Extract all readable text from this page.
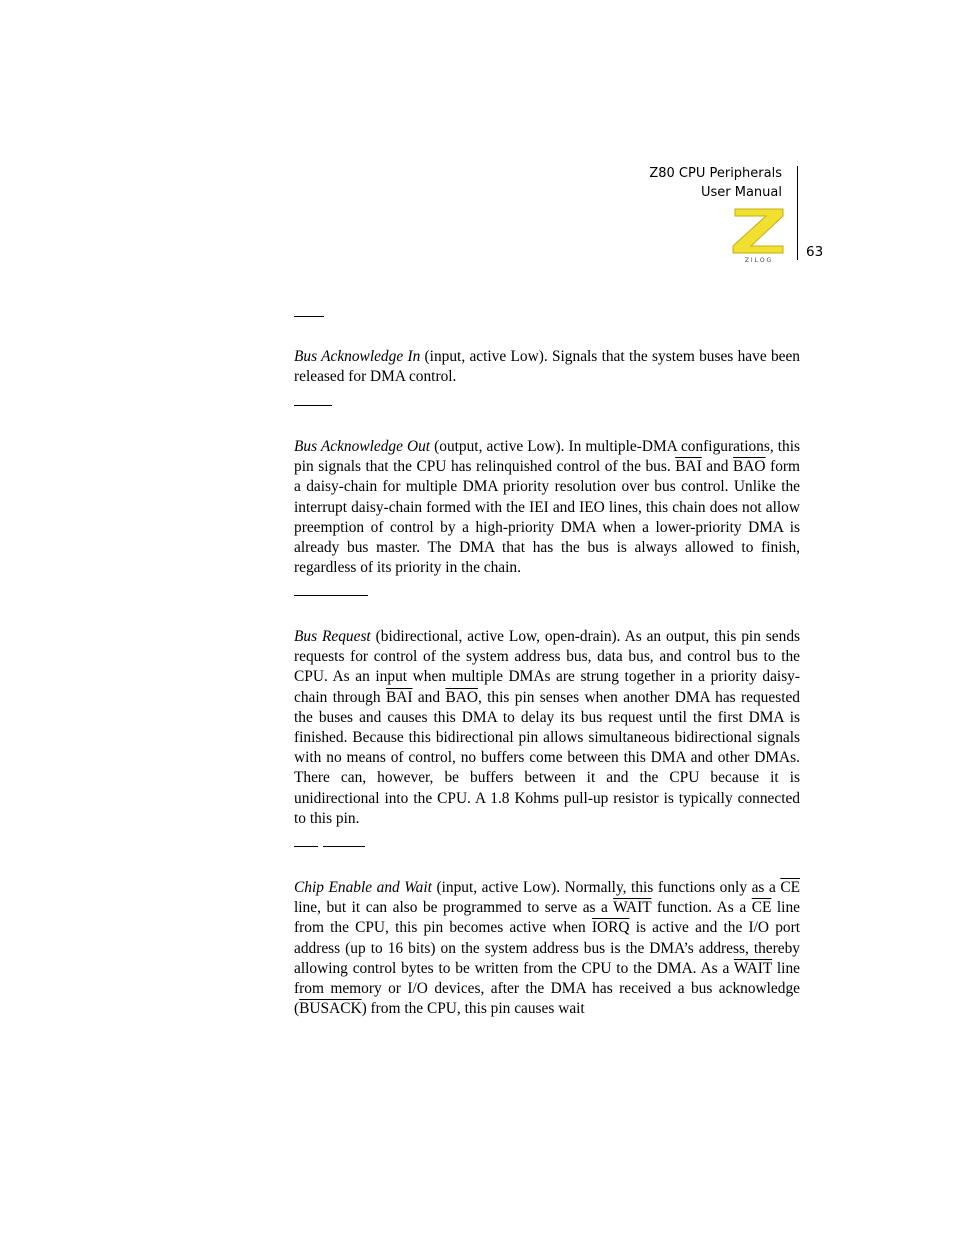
Z80 CPU Peripherals
User Manual
Z I L O G
63

Bus Acknowledge In (input, active Low). Signals that the system buses have been released for DMA control.

Bus Acknowledge Out (output, active Low). In multiple-DMA configurations, this pin signals that the CPU has relinquished control of the bus. $\overline{BAI}$ and $\overline{BAO}$ form a daisy-chain for multiple DMA priority resolution over bus control. Unlike the interrupt daisy-chain formed with the IEI and IEO lines, this chain does not allow preemption of control by a high-priority DMA when a lower-priority DMA is already bus master. The DMA that has the bus is always allowed to finish, regardless of its priority in the chain.

Bus Request (bidirectional, active Low, open-drain). As an output, this pin sends requests for control of the system address bus, data bus, and control bus to the CPU. As an input when multiple DMAs are strung together in a priority daisy-chain through $\overline{BAI}$ and $\overline{BAO}$, this pin senses when another DMA has requested the buses and causes this DMA to delay its bus request until the first DMA is finished. Because this bidirectional pin allows simultaneous bidirectional signals with no means of control, no buffers come between this DMA and other DMAs. There can, however, be buffers between it and the CPU because it is unidirectional into the CPU. A 1.8 Kohms pull-up resistor is typically connected to this pin.

Chip Enable and Wait (input, active Low). Normally, this functions only as a $\overline{CE}$ line, but it can also be programmed to serve as a WAIT function. As a $\overline{CE}$ line from the CPU, this pin becomes active when IORQ is active and the I/O port address (up to 16 bits) on the system address bus is the DMA’s address, thereby allowing control bytes to be written from the CPU to the DMA. As a WAIT line from memory or I/O devices, after the DMA has received a bus acknowledge (BUSACK) from the CPU, this pin causes wait
